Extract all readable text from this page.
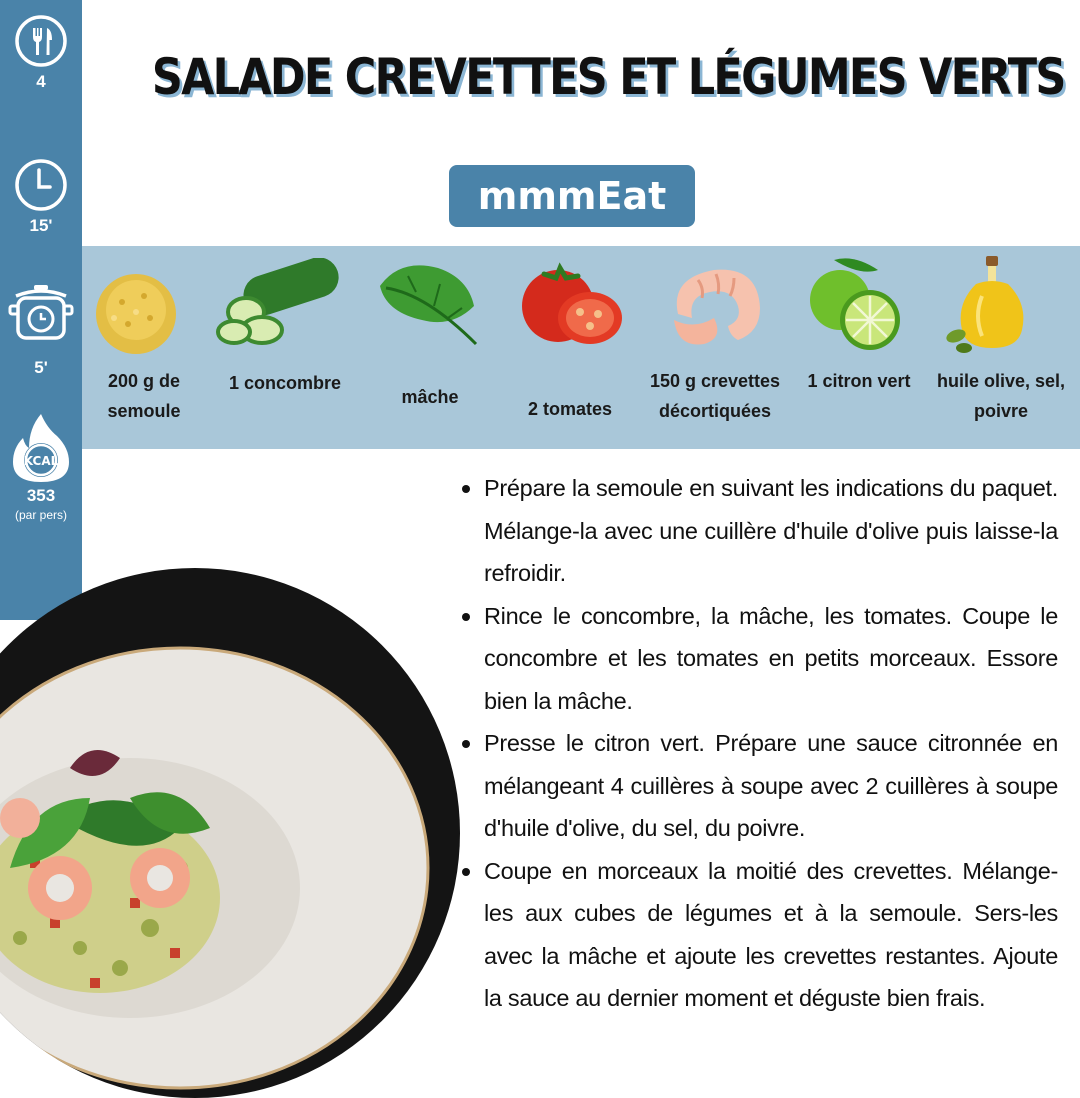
4
15'
5'
KCAL
353
(par pers)
SALADE CREVETTES ET LÉGUMES VERTS
mmmEat
200 g de semoule
1 concombre
mâche
2 tomates
150 g crevettes décortiquées
1 citron vert	huile olive, sel, poivre
Prépare la semoule en suivant les indications du paquet. Mélange-la avec une cuillère d'huile d'olive puis laisse-la refroidir.
Rince le concombre, la mâche, les tomates. Coupe le concombre et les tomates en petits morceaux. Essore bien la mâche.
Presse le citron vert. Prépare une sauce citronnée en mélangeant 4 cuillères à soupe avec 2 cuillères à soupe d'huile d'olive, du sel, du poivre.
Coupe en morceaux la moitié des crevettes. Mélange-les aux cubes de légumes et à la semoule. Sers-les avec la mâche et ajoute les crevettes restantes. Ajoute la sauce au dernier moment et déguste bien frais.
